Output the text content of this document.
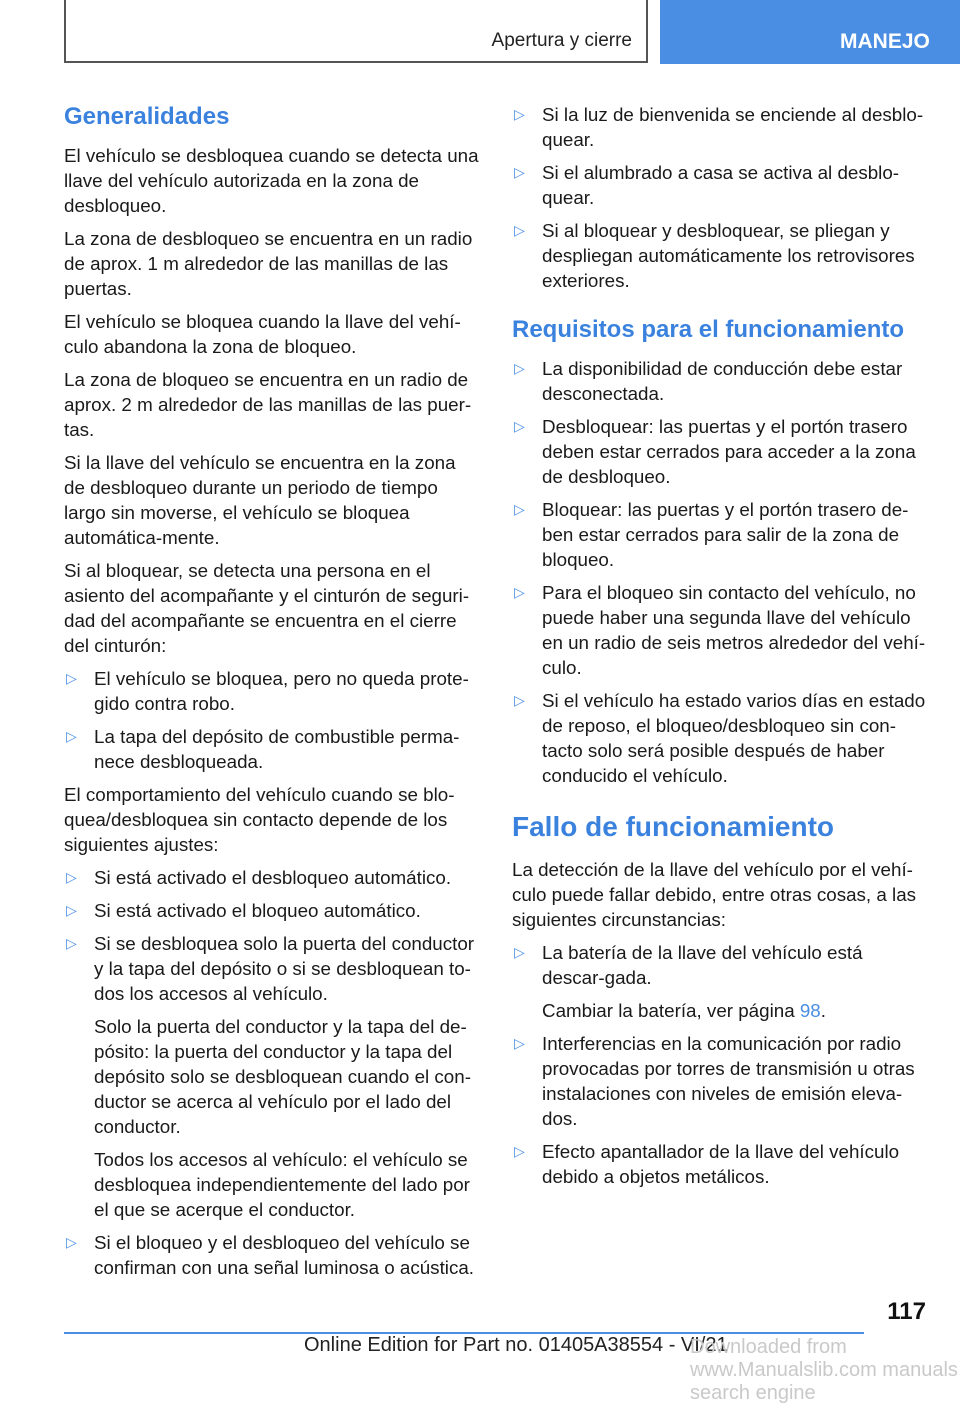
Apertura y cierre	MANEJO
Generalidades
El vehículo se desbloquea cuando se detecta una llave del vehículo autorizada en la zona de desbloqueo.
La zona de desbloqueo se encuentra en un radio de aprox. 1 m alrededor de las manillas de las puertas.
El vehículo se bloquea cuando la llave del vehí‐culo abandona la zona de bloqueo.
La zona de bloqueo se encuentra en un radio de aprox. 2 m alrededor de las manillas de las puer‐tas.
Si la llave del vehículo se encuentra en la zona de desbloqueo durante un periodo de tiempo largo sin moverse, el vehículo se bloquea automática‐mente.
Si al bloquear, se detecta una persona en el asiento del acompañante y el cinturón de seguri‐dad del acompañante se encuentra en el cierre del cinturón:
▷ El vehículo se bloquea, pero no queda prote‐gido contra robo.
▷ La tapa del depósito de combustible perma‐nece desbloqueada.
El comportamiento del vehículo cuando se blo‐quea/desbloquea sin contacto depende de los siguientes ajustes:
▷ Si está activado el desbloqueo automático.
▷ Si está activado el bloqueo automático.
▷ Si se desbloquea solo la puerta del conductor y la tapa del depósito o si se desbloquean to‐dos los accesos al vehículo.
Solo la puerta del conductor y la tapa del de‐pósito: la puerta del conductor y la tapa del depósito solo se desbloquean cuando el con‐ductor se acerca al vehículo por el lado del conductor.
Todos los accesos al vehículo: el vehículo se desbloquea independientemente del lado por el que se acerque el conductor.
▷ Si el bloqueo y el desbloqueo del vehículo se confirman con una señal luminosa o acústica.
▷ Si la luz de bienvenida se enciende al desblo‐quear.
▷ Si el alumbrado a casa se activa al desblo‐quear.
▷ Si al bloquear y desbloquear, se pliegan y despliegan automáticamente los retrovisores exteriores.
Requisitos para el funcionamiento
▷ La disponibilidad de conducción debe estar desconectada.
▷ Desbloquear: las puertas y el portón trasero deben estar cerrados para acceder a la zona de desbloqueo.
▷ Bloquear: las puertas y el portón trasero de‐ben estar cerrados para salir de la zona de bloqueo.
▷ Para el bloqueo sin contacto del vehículo, no puede haber una segunda llave del vehículo en un radio de seis metros alrededor del vehí‐culo.
▷ Si el vehículo ha estado varios días en estado de reposo, el bloqueo/desbloqueo sin con‐tacto solo será posible después de haber conducido el vehículo.
Fallo de funcionamiento
La detección de la llave del vehículo por el vehí‐culo puede fallar debido, entre otras cosas, a las siguientes circunstancias:
▷ La batería de la llave del vehículo está descar‐gada.
Cambiar la batería, ver página 98.
▷ Interferencias en la comunicación por radio provocadas por torres de transmisión u otras instalaciones con niveles de emisión eleva‐dos.
▷ Efecto apantallador de la llave del vehículo debido a objetos metálicos.
117
Online Edition for Part no. 01405A38554 - VI/21
Downloaded from www.Manualslib.com manuals search engine
